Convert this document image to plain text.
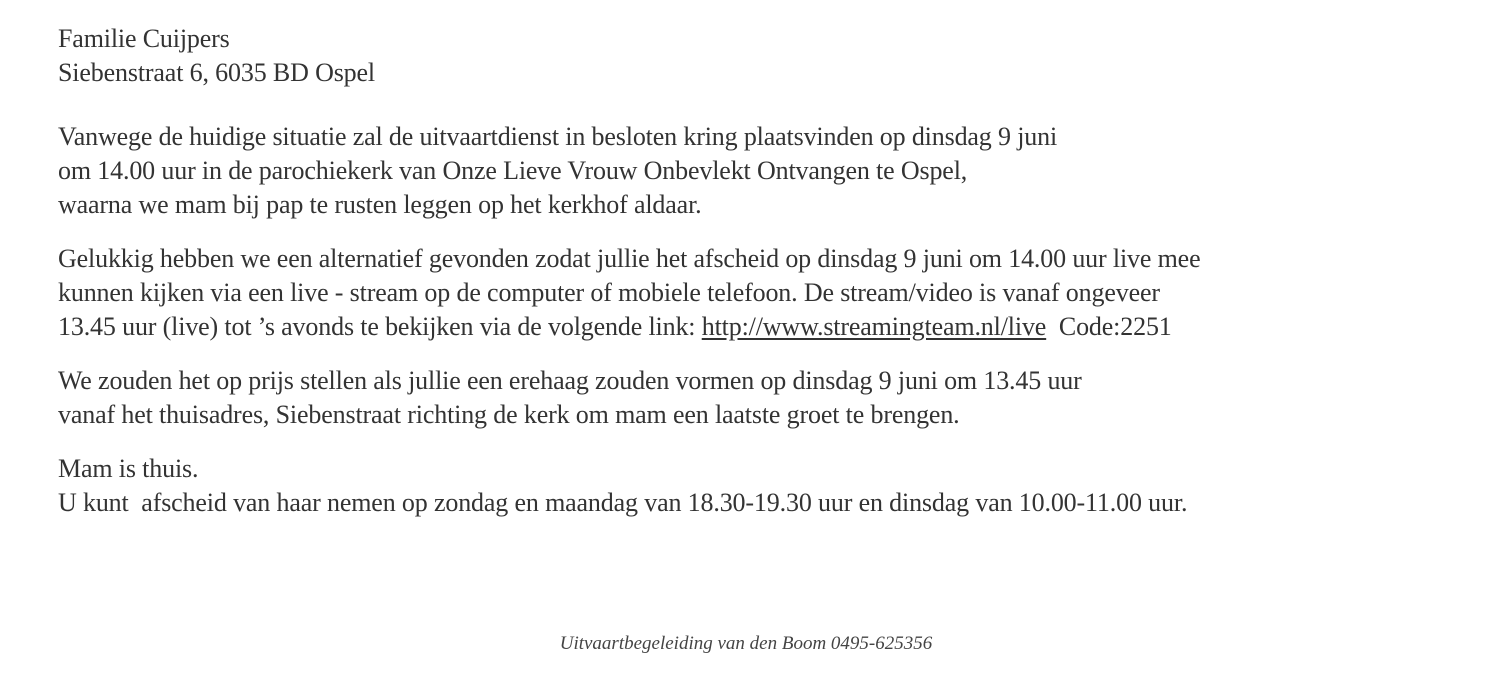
Familie Cuijpers
Siebenstraat 6, 6035 BD Ospel
Vanwege de huidige situatie zal de uitvaartdienst in besloten kring plaatsvinden op dinsdag 9 juni
om 14.00 uur in de parochiekerk van Onze Lieve Vrouw Onbevlekt Ontvangen te Ospel,
waarna we mam bij pap te rusten leggen op het kerkhof aldaar.
Gelukkig hebben we een alternatief gevonden zodat jullie het afscheid op dinsdag 9 juni om 14.00 uur live mee
kunnen kijken via een live - stream op de computer of mobiele telefoon. De stream/video is vanaf ongeveer
13.45 uur (live) tot ’s avonds te bekijken via de volgende link: http://www.streamingteam.nl/live  Code:2251
We zouden het op prijs stellen als jullie een erehaag zouden vormen op dinsdag 9 juni om 13.45 uur
vanaf het thuisadres, Siebenstraat richting de kerk om mam een laatste groet te brengen.
Mam is thuis.
U kunt  afscheid van haar nemen op zondag en maandag van 18.30-19.30 uur en dinsdag van 10.00-11.00 uur.
Uitvaartbegeleiding van den Boom 0495-625356
